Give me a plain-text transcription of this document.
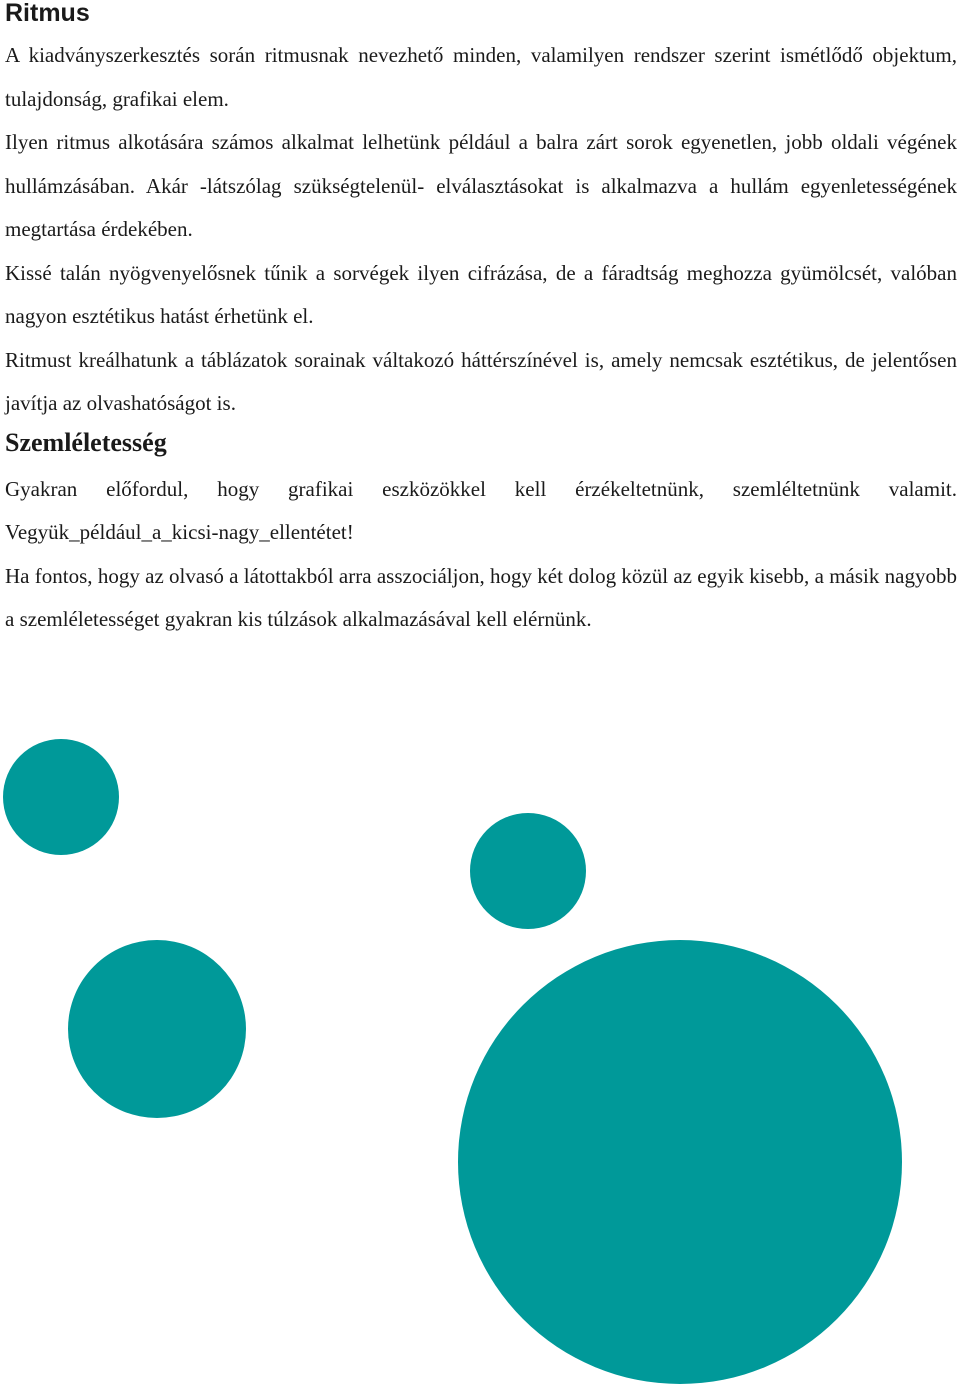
Ritmus

A kiadványszerkesztés során ritmusnak nevezhető minden, valamilyen rendszer szerint ismétlődő objektum, tulajdonság, grafikai elem.

Ilyen ritmus alkotására számos alkalmat lelhetünk például a balra zárt sorok egyenetlen, jobb oldali végének hullámzásában. Akár -látszólag szükségtelenül- elválasztásokat is alkalmazva a hullám egyenletességének megtartása érdekében.

Kissé talán nyögvenyelősnek tűnik a sorvégek ilyen cifrázása, de a fáradtság meghozza gyümölcsét, valóban nagyon esztétikus hatást érhetünk el.

Ritmust kreálhatunk a táblázatok sorainak váltakozó háttérszínével is, amely nemcsak esztétikus, de jelentősen javítja az olvashatóságot is.

Szemléletesség

Gyakran előfordul, hogy grafikai eszközökkel kell érzékeltetnünk, szemléltetnünk valamit. Vegyük_például_a_kicsi-nagy_ellentétet!

Ha fontos, hogy az olvasó a látottakból arra asszociáljon, hogy két dolog közül az egyik kisebb, a másik nagyobb a szemléletességet gyakran kis túlzások alkalmazásával kell elérnünk.
